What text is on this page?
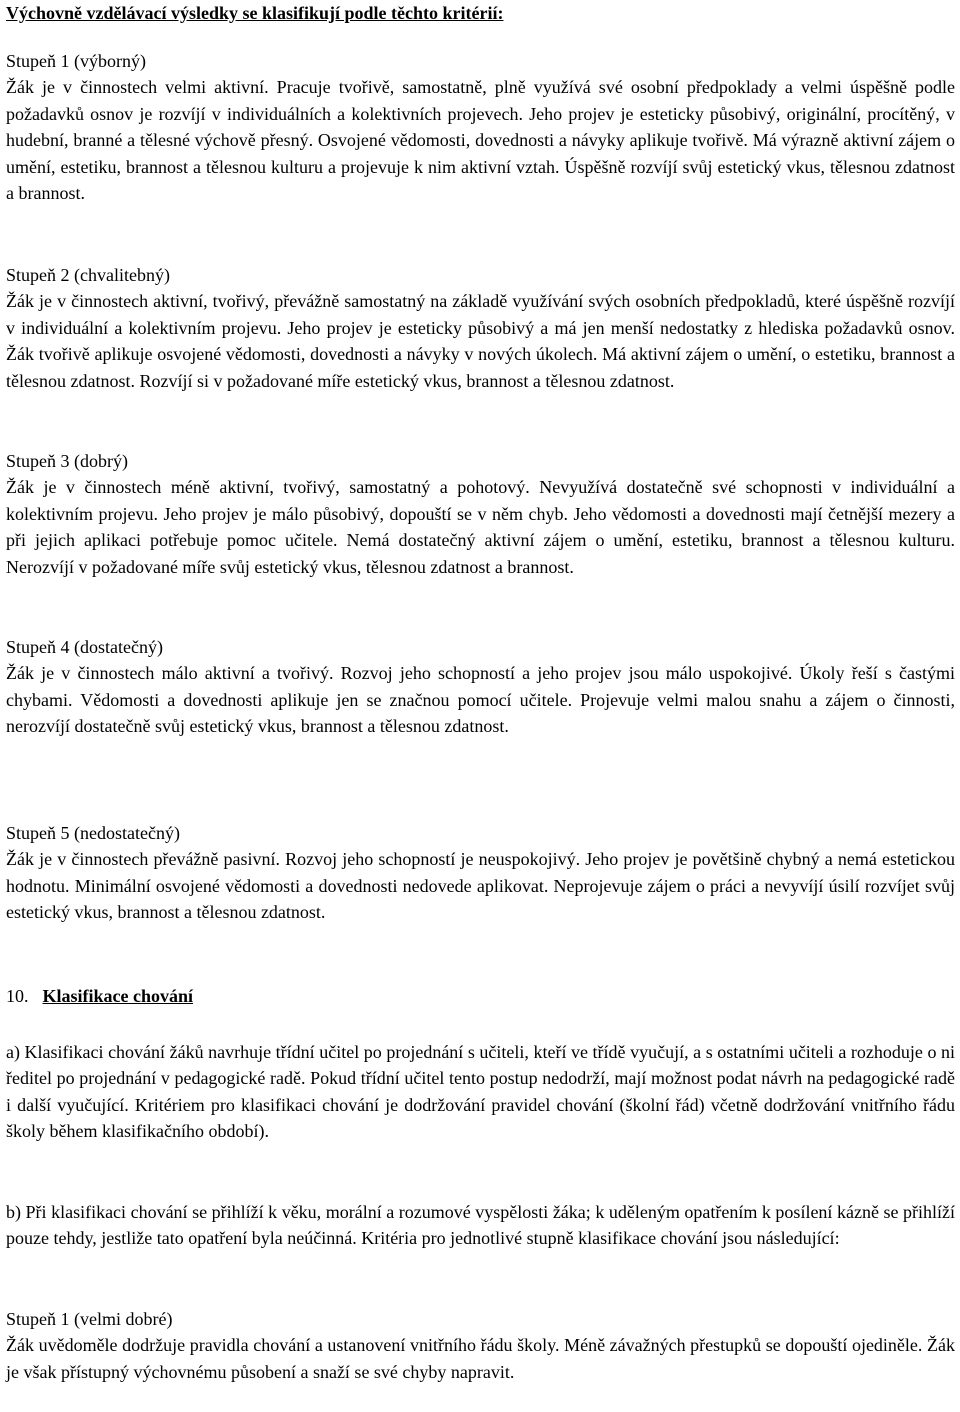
Výchovně vzdělávací výsledky se klasifikují podle těchto kritérií:

Stupeň 1 (výborný)
Žák je v činnostech velmi aktivní. Pracuje tvořivě, samostatně, plně využívá své osobní předpoklady a velmi úspěšně podle požadavků osnov je rozvíjí v individuálních a kolektivních projevech. Jeho projev je esteticky působivý, originální, procítěný, v hudební, branné a tělesné výchově přesný. Osvojené vědomosti, dovednosti a návyky aplikuje tvořivě. Má výrazně aktivní zájem o umění, estetiku, brannost a tělesnou kulturu a projevuje k nim aktivní vztah. Úspěšně rozvíjí svůj estetický vkus, tělesnou zdatnost a brannost.
Stupeň 2 (chvalitebný)
Žák je v činnostech aktivní, tvořivý, převážně samostatný na základě využívání svých osobních předpokladů, které úspěšně rozvíjí v individuální a kolektivním projevu. Jeho projev je esteticky působivý a má jen menší nedostatky z hlediska požadavků osnov. Žák tvořivě aplikuje osvojené vědomosti, dovednosti a návyky v nových úkolech. Má aktivní zájem o umění, o estetiku, brannost a tělesnou zdatnost. Rozvíjí si v požadované míře estetický vkus, brannost a tělesnou zdatnost.
Stupeň 3 (dobrý)
Žák je v činnostech méně aktivní, tvořivý, samostatný a pohotový. Nevyužívá dostatečně své schopnosti v individuální a kolektivním projevu. Jeho projev je málo působivý, dopouští se v něm chyb. Jeho vědomosti a dovednosti mají četnější mezery a při jejich aplikaci potřebuje pomoc učitele. Nemá dostatečný aktivní zájem o umění, estetiku, brannost a tělesnou kulturu. Nerozvíjí v požadované míře svůj estetický vkus, tělesnou zdatnost a brannost.
Stupeň 4 (dostatečný)
Žák je v činnostech málo aktivní a tvořivý. Rozvoj jeho schopností a jeho projev jsou málo uspokojivé. Úkoly řeší s častými chybami. Vědomosti a dovednosti aplikuje jen se značnou pomocí učitele. Projevuje velmi malou snahu a zájem o činnosti, nerozvíjí dostatečně svůj estetický vkus, brannost a tělesnou zdatnost.
Stupeň 5 (nedostatečný)
Žák je v činnostech převážně pasivní. Rozvoj jeho schopností je neuspokojivý. Jeho projev je povětšině chybný a nemá estetickou hodnotu. Minimální osvojené vědomosti a dovednosti nedovede aplikovat. Neprojevuje zájem o práci a nevyvíjí úsilí rozvíjet svůj estetický vkus, brannost a tělesnou zdatnost.

10. Klasifikace chování

a) Klasifikaci chování žáků navrhuje třídní učitel po projednání s učiteli, kteří ve třídě vyučují, a s ostatními učiteli a rozhoduje o ni ředitel po projednání v pedagogické radě. Pokud třídní učitel tento postup nedodrží, mají možnost podat návrh na pedagogické radě i další vyučující. Kritériem pro klasifikaci chování je dodržování pravidel chování (školní řád) včetně dodržování vnitřního řádu školy během klasifikačního období).

b) Při klasifikaci chování se přihlíží k věku, morální a rozumové vyspělosti žáka; k uděleným opatřením k posílení kázně se přihlíží pouze tehdy, jestliže tato opatření byla neúčinná. Kritéria pro jednotlivé stupně klasifikace chování jsou následující:

Stupeň 1 (velmi dobré)
Žák uvědoměle dodržuje pravidla chování a ustanovení vnitřního řádu školy. Méně závažných přestupků se dopouští ojediněle. Žák je však přístupný výchovnému působení a snaží se své chyby napravit.
